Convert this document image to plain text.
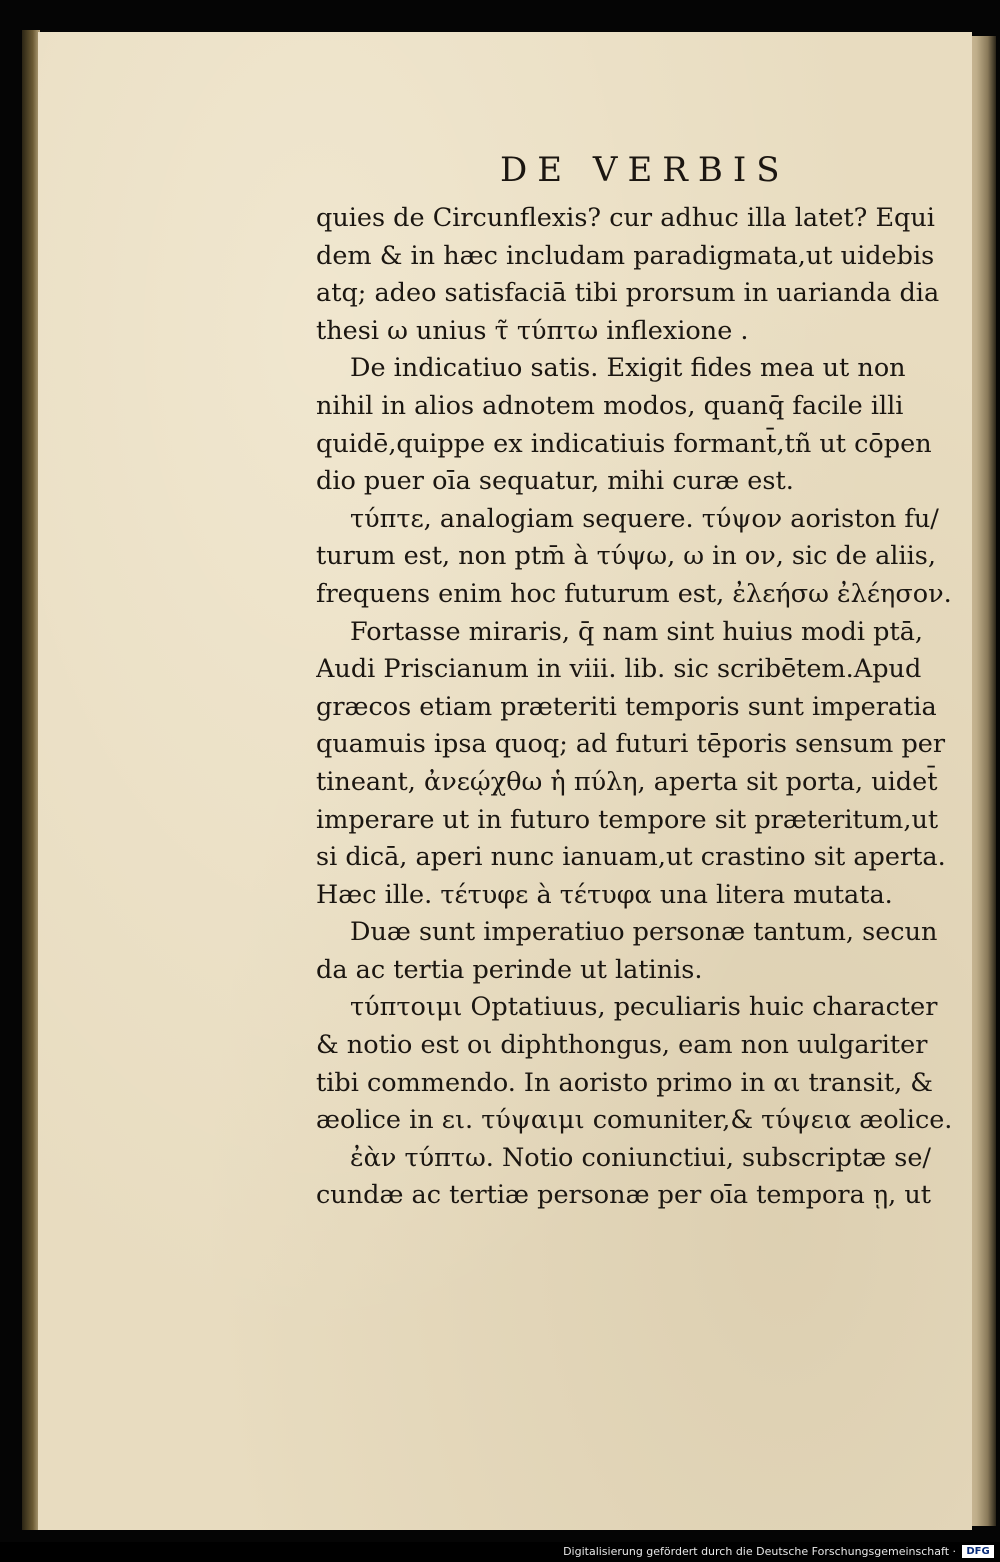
DE VERBIS
quies de Circunflexis? cur adhuc illa latet? Equi
dem & in hæc includam paradigmata,ut uidebis
atq; adeo satisfaciā tibi prorsum in uarianda dia
thesi ω unius τ̃ τύπτω inflexione .
De indicatiuo satis. Exigit fides mea ut non
nihil in alios adnotem modos, quanq̄ facile illi
quidē,quippe ex indicatiuis formant̄,tñ ut cōpen
dio puer oīa sequatur, mihi curæ est.
τύπτε, analogiam sequere. τύψον aoriston fu/
turum est, non ptm̄ à τύψω, ω in ον, sic de aliis,
frequens enim hoc futurum est, ἐλεήσω ἐλέησον.
Fortasse miraris, q̄ nam sint huius modi ptā,
Audi Priscianum in viii. lib. sic scribētem.Apud
græcos etiam præteriti temporis sunt imperatia
quamuis ipsa quoq; ad futuri tēporis sensum per
tineant, ἀνεῴχθω ἡ πύλη, aperta sit porta, uidet̄
imperare ut in futuro tempore sit præteritum,ut
si dicā, aperi nunc ianuam,ut crastino sit aperta.
Hæc ille. τέτυφε à τέτυφα una litera mutata.
Duæ sunt imperatiuo personæ tantum, secun
da ac tertia perinde ut latinis.
τύπτοιμι Optatiuus, peculiaris huic character
& notio est οι diphthongus, eam non uulgariter
tibi commendo. In aoristo primo in αι transit, &
æolice in ει. τύψαιμι comuniter,& τύψεια æolice.
ἐὰν τύπτω. Notio coniunctiui, subscriptæ se/
cundæ ac tertiæ personæ per oīa tempora ῃ, ut
Digitalisierung gefördert durch die Deutsche Forschungsgemeinschaft ·	DFG
